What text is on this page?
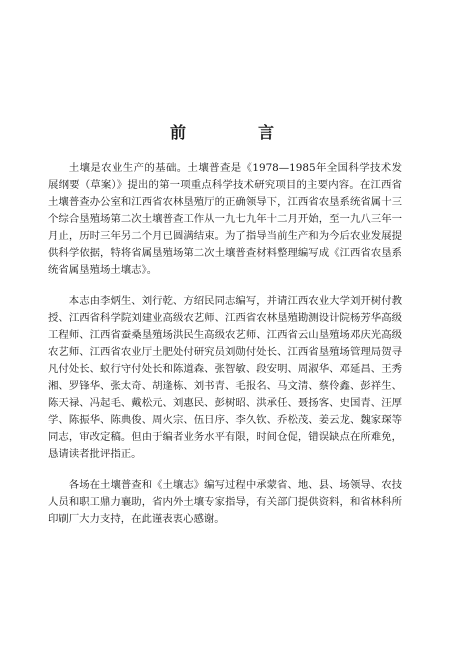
前　　　言

土壤是农业生产的基础。土壤普查是《1978—1985年全国科学技术发展纲要（草案）》提出的第一项重点科学技术研究项目的主要内容。在江西省土壤普查办公室和江西省农林垦殖厅的正确领导下，江西省农垦系统省属十三个综合垦殖场第二次土壤普查工作从一九七九年十二月开始，至一九八三年一月止，历时三年另二个月已圆满结束。为了指导当前生产和为今后农业发展提供科学依据，特将省属垦殖场第二次土壤普查材料整理编写成《江西省农垦系统省属垦殖场土壤志》。

本志由李炳生、刘行乾、方绍民同志编写，并请江西农业大学刘开树付教授、江西省科学院刘建业高级农艺师、江西省农林垦殖勘测设计院杨芳华高级工程师、江西省蚕桑垦殖场洪民生高级农艺师、江西省云山垦殖场邓庆光高级农艺师、江西省农业厅土肥处付研究员刘勋付处长、江西省垦殖场管理局贺寻凡付处长、蚁行守付处长和陈道森、张智敏、段安明、周淑华、邓延昌、王秀湘、罗锋华、张太奇、胡逢栋、刘书青、毛报名、马文清、蔡伶鑫、彭祥生、陈天禄、冯起毛、戴松元、刘惠民、彭树昭、洪承任、聂扬客、史国青、汪厚学、陈振华、陈典俊、周火宗、伍日序、李久钦、乔松茂、姜云龙、魏家琛等同志，审改定稿。但由于编者业务水平有限，时间仓促，错误缺点在所难免，恳请读者批评指正。

各场在土壤普查和《土壤志》编写过程中承蒙省、地、县、场领导、农技人员和职工鼎力襄助，省内外土壤专家指导，有关部门提供资料，和省林科所印刷厂大力支持，在此谨表衷心感谢。
